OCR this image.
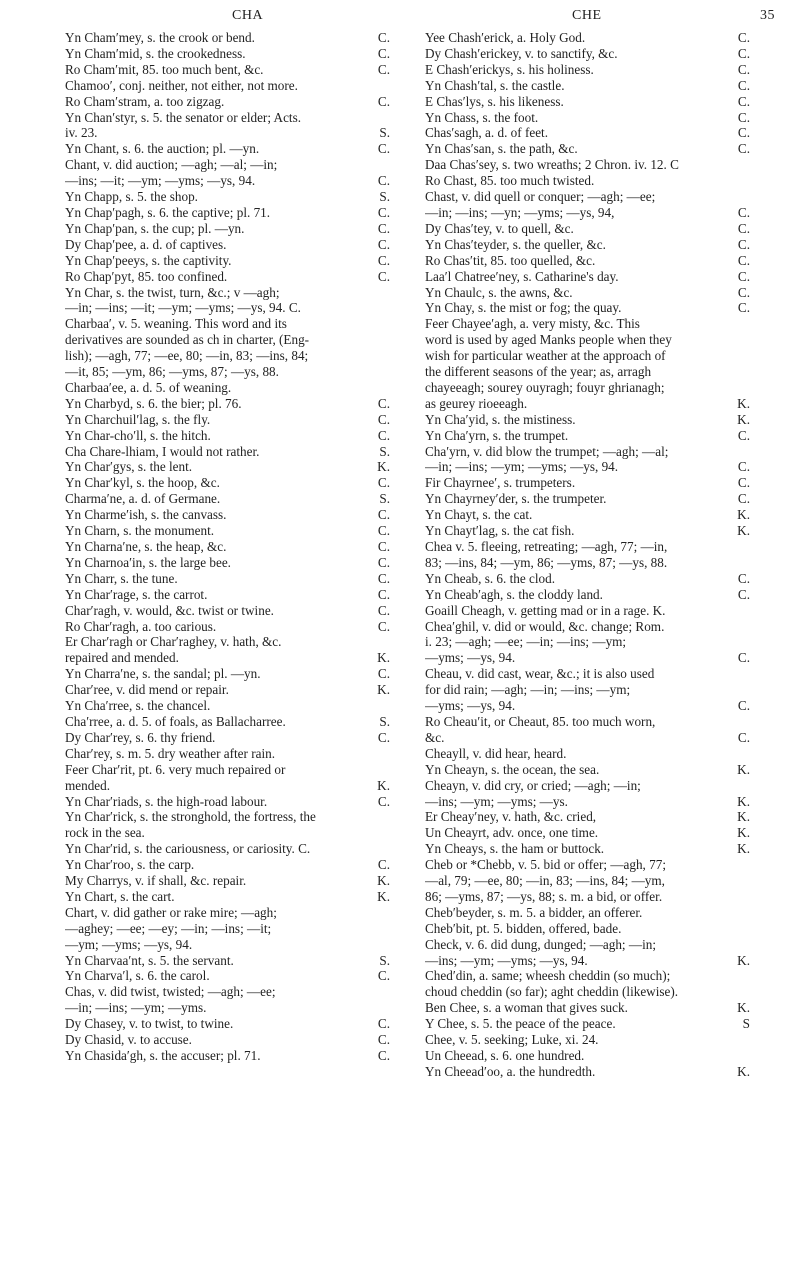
CHA	CHE	35
Yn Cham′mey, s. the crook or bend.	C.
Yn Cham′mid, s. the crookedness.	C.
Ro Cham′mit, 85. too much bent, &c.	C.
Chamoo′, conj. neither, not either, not more.
Ro Cham′stram, a. too zigzag.	C.
Yn Chan′styr, s. 5. the senator or elder; Acts.
iv. 23.	S.
Yn Chant, s. 6. the auction; pl. —yn.	C.
Chant, v. did auction; —agh; —al; —in;
—ins; —it; —ym; —yms; —ys, 94.	C.
Yn Chapp, s. 5. the shop.	S.
Yn Chap′pagh, s. 6. the captive; pl. 71.	C.
Yn Chap′pan, s. the cup; pl. —yn.	C.
Dy Chap′pee, a. d. of captives.	C.
Yn Chap′peeys, s. the captivity.	C.
Ro Chap′pyt, 85. too confined.	C.
Yn Char, s. the twist, turn, &c.; v —agh;
—in; —ins; —it; —ym; —yms; —ys, 94. C.
Charbaa′, v. 5. weaning. This word and its
derivatives are sounded as ch in charter, (Eng-
lish); —agh, 77; —ee, 80; —in, 83; —ins, 84;
—it, 85; —ym, 86; —yms, 87; —ys, 88.
Charbaa′ee, a. d. 5. of weaning.
Yn Charbyd, s. 6. the bier; pl. 76.	C.
Yn Charchuil′lag, s. the fly.	C.
Yn Char-cho′ll, s. the hitch.	C.
Cha Chare-lhiam, I would not rather.	S.
Yn Char′gys, s. the lent.	K.
Yn Char′kyl, s. the hoop, &c.	C.
Charma′ne, a. d. of Germane.	S.
Yn Charme′ish, s. the canvass.	C.
Yn Charn, s. the monument.	C.
Yn Charna′ne, s. the heap, &c.	C.
Yn Charnoa′in, s. the large bee.	C.
Yn Charr, s. the tune.	C.
Yn Char′rage, s. the carrot.	C.
Char′ragh, v. would, &c. twist or twine.	C.
Ro Char′ragh, a. too carious.	C.
Er Char′ragh or Char′raghey, v. hath, &c.
repaired and mended.	K.
Yn Charra′ne, s. the sandal; pl. —yn.	C.
Char′ree, v. did mend or repair.	K.
Yn Cha′rree, s. the chancel.
Cha′rree, a. d. 5. of foals, as Ballacharree.	S.
Dy Char′rey, s. 6. thy friend.	C.
Char′rey, s. m. 5. dry weather after rain.
Feer Char′rit, pt. 6. very much repaired or
mended.	K.
Yn Char′riads, s. the high-road labour.	C.
Yn Char′rick, s. the stronghold, the fortress, the
rock in the sea.
Yn Char′rid, s. the cariousness, or cariosity. C.
Yn Char′roo, s. the carp.	C.
My Charrys, v. if shall, &c. repair.	K.
Yn Chart, s. the cart.	K.
Chart, v. did gather or rake mire; —agh;
—aghey; —ee; —ey; —in; —ins; —it;
—ym; —yms; —ys, 94.
Yn Charvaa′nt, s. 5. the servant.	S.
Yn Charva′l, s. 6. the carol.	C.
Chas, v. did twist, twisted; —agh; —ee;
—in; —ins; —ym; —yms.
Dy Chasey, v. to twist, to twine.	C.
Dy Chasid, v. to accuse.	C.
Yn Chasida′gh, s. the accuser; pl. 71.	C.
Yee Chash′erick, a. Holy God.	C.
Dy Chash′erickey, v. to sanctify, &c.	C.
E Chash′erickys, s. his holiness.	C.
Yn Chash′tal, s. the castle.	C.
E Chas′lys, s. his likeness.	C.
Yn Chass, s. the foot.	C.
Chas′sagh, a. d. of feet.	C.
Yn Chas′san, s. the path, &c.	C.
Daa Chas′sey, s. two wreaths; 2 Chron. iv. 12. C
Ro Chast, 85. too much twisted.
Chast, v. did quell or conquer; —agh; —ee;
—in; —ins; —yn; —yms; —ys, 94,	C.
Dy Chas′tey, v. to quell, &c.	C.
Yn Chas′teyder, s. the queller, &c.	C.
Ro Chas′tit, 85. too quelled, &c.	C.
Laa′l Chatree′ney, s. Catharine's day.	C.
Yn Chaulc, s. the awns, &c.	C.
Yn Chay, s. the mist or fog; the quay.	C.
Feer Chayee′agh, a. very misty, &c. This
word is used by aged Manks people when they
wish for particular weather at the approach of
the different seasons of the year; as, arragh
chayeeagh; sourey ouyragh; fouyr ghrianagh;
as geurey rioeeagh.	K.
Yn Cha′yid, s. the mistiness.	K.
Yn Cha′yrn, s. the trumpet.	C.
Cha′yrn, v. did blow the trumpet; —agh; —al;
—in; —ins; —ym; —yms; —ys, 94.	C.
Fir Chayrnee′, s. trumpeters.	C.
Yn Chayrney′der, s. the trumpeter.	C.
Yn Chayt, s. the cat.	K.
Yn Chayt′lag, s. the cat fish.	K.
Chea v. 5. fleeing, retreating; —agh, 77; —in,
83; —ins, 84; —ym, 86; —yms, 87; —ys, 88.
Yn Cheab, s. 6. the clod.	C.
Yn Cheab′agh, s. the cloddy land.	C.
Goaill Cheagh, v. getting mad or in a rage. K.
Chea′ghil, v. did or would, &c. change; Rom.
i. 23; —agh; —ee; —in; —ins; —ym;
—yms; —ys, 94.	C.
Cheau, v. did cast, wear, &c.; it is also used
for did rain; —agh; —in; —ins; —ym;
—yms; —ys, 94.	C.
Ro Cheau′it, or Cheaut, 85. too much worn,
&c.	C.
Cheayll, v. did hear, heard.
Yn Cheayn, s. the ocean, the sea.	K.
Cheayn, v. did cry, or cried; —agh; —in;
—ins; —ym; —yms; —ys.	K.
Er Cheay′ney, v. hath, &c. cried,	K.
Un Cheayrt, adv. once, one time.	K.
Yn Cheays, s. the ham or buttock.	K.
Cheb or *Chebb, v. 5. bid or offer; —agh, 77;
—al, 79; —ee, 80; —in, 83; —ins, 84; —ym,
86; —yms, 87; —ys, 88; s. m. a bid, or offer.
Cheb′beyder, s. m. 5. a bidder, an offerer.
Cheb′bit, pt. 5. bidden, offered, bade.
Check, v. 6. did dung, dunged; —agh; —in;
—ins; —ym; —yms; —ys, 94.	K.
Ched′din, a. same; wheesh cheddin (so much);
choud cheddin (so far); aght cheddin (likewise).
Ben Chee, s. a woman that gives suck.	K.
Y Chee, s. 5. the peace of the peace.	S
Chee, v. 5. seeking; Luke, xi. 24.
Un Cheead, s. 6. one hundred.
Yn Cheead′oo, a. the hundredth.	K.
